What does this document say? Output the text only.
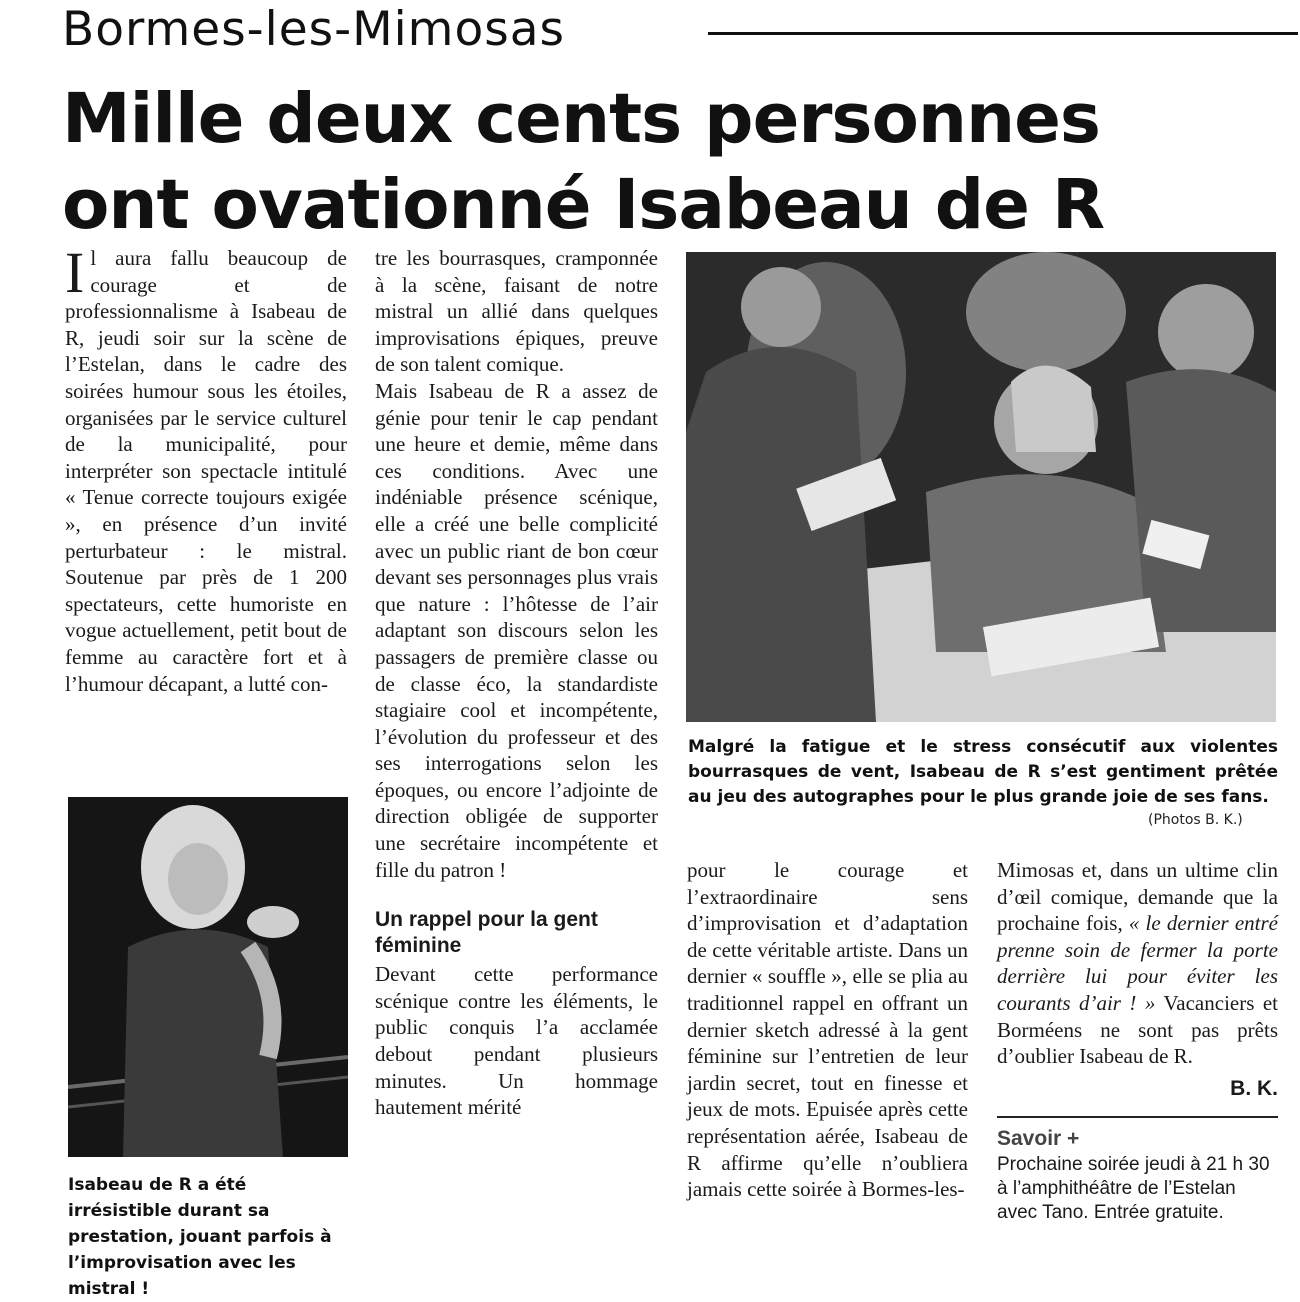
Bormes-les-Mimosas
Mille deux cents personnes
ont ovationné Isabeau de R

Il aura fallu beaucoup de courage et de professionnalisme à Isabeau de R, jeudi soir sur la scène de l’Estelan, dans le cadre des soirées humour sous les étoiles, organisées par le service culturel de la municipalité, pour interpréter son spectacle intitulé « Tenue correcte toujours exigée », en présence d’un invité perturbateur : le mistral. Soutenue par près de 1 200 spectateurs, cette humoriste en vogue actuellement, petit bout de femme au caractère fort et à l’humour décapant, a lutté con-

tre les bourrasques, cramponnée à la scène, faisant de notre mistral un allié dans quelques improvisations épiques, preuve de son talent comique.

Mais Isabeau de R a assez de génie pour tenir le cap pendant une heure et demie, même dans ces conditions. Avec une indéniable présence scénique, elle a créé une belle complicité avec un public riant de bon cœur devant ses personnages plus vrais que nature : l’hôtesse de l’air adaptant son discours selon les passagers de première classe ou de classe éco, la standardiste stagiaire cool et incompétente, l’évolution du professeur et des ses interrogations selon les époques, ou encore l’adjointe de direction obligée de supporter une secrétaire incompétente et fille du patron !

Un rappel pour la gent féminine

Devant cette performance scénique contre les éléments, le public conquis l’a acclamée debout pendant plusieurs minutes. Un hommage hautement mérité

Malgré la fatigue et le stress consécutif aux violentes bourrasques de vent, Isabeau de R s’est gentiment prêtée au jeu des autographes pour le plus grande joie de ses fans.
(Photos B. K.)
Isabeau de R a été irrésistible durant sa prestation, jouant parfois à l’improvisation avec les mistral !

pour le courage et l’extraordinaire sens d’improvisation et d’adaptation de cette véritable artiste. Dans un dernier « souffle », elle se plia au traditionnel rappel en offrant un dernier sketch adressé à la gent féminine sur l’entretien de leur jardin secret, tout en finesse et jeux de mots. Epuisée après cette représentation aérée, Isabeau de R affirme qu’elle n’oubliera jamais cette soirée à Bormes-les-

Mimosas et, dans un ultime clin d’œil comique, demande que la prochaine fois, « le dernier entré prenne soin de fermer la porte derrière lui pour éviter les courants d’air ! » Vacanciers et Borméens ne sont pas prêts d’oublier Isabeau de R.

B. K.
Savoir +
Prochaine soirée jeudi à 21 h 30 à l’amphithéâtre de l’Estelan avec Tano. Entrée gratuite.
